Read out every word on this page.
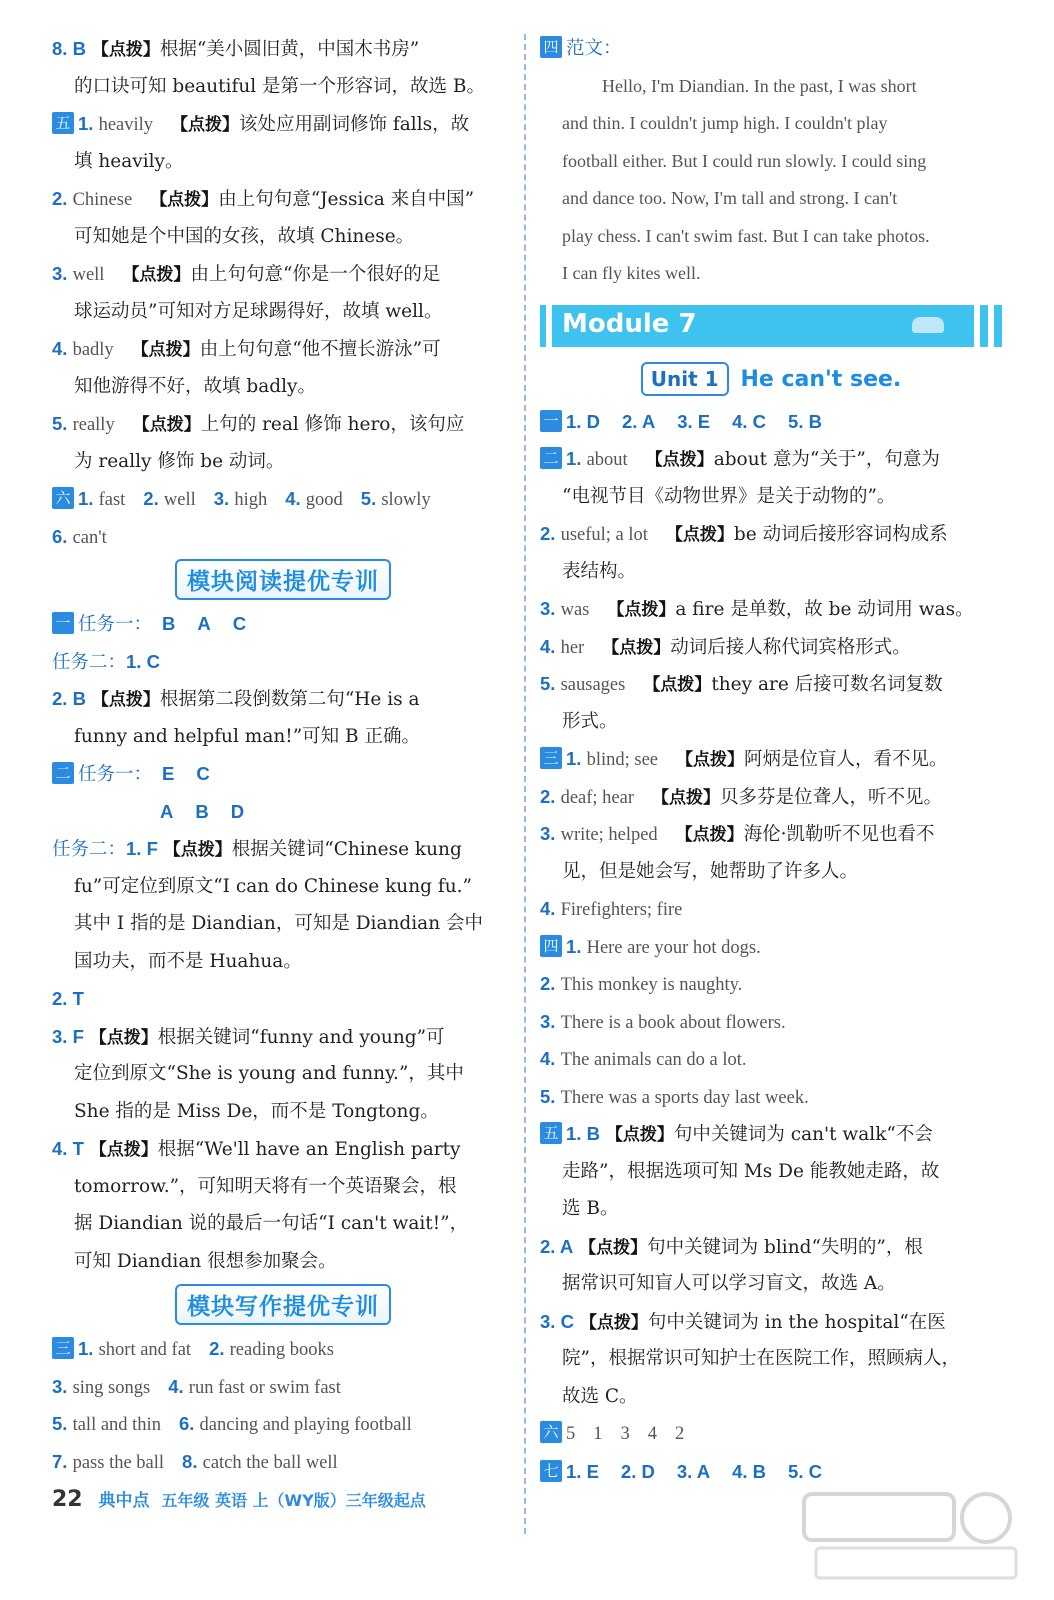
8. B 【点拨】根据“美小圆旧黄，中国木书房”
的口诀可知 beautiful 是第一个形容词，故选 B。
五 1. heavily 【点拨】该处应用副词修饰 falls，故
填 heavily。
2. Chinese 【点拨】由上句句意“Jessica 来自中国”
可知她是个中国的女孩，故填 Chinese。
3. well 【点拨】由上句句意“你是一个很好的足
球运动员”可知对方足球踢得好，故填 well。
4. badly 【点拨】由上句句意“他不擅长游泳”可
知他游得不好，故填 badly。
5. really 【点拨】上句的 real 修饰 hero，该句应
为 really 修饰 be 动词。
六 1. fast 2. well 3. high 4. good 5. slowly
6. can't
模块阅读提优专训
一 任务一： B A C
任务二：1. C
2. B 【点拨】根据第二段倒数第二句“He is a
funny and helpful man!”可知 B 正确。
二 任务一： E C
A B D
任务二：1. F 【点拨】根据关键词“Chinese kung
fu”可定位到原文“I can do Chinese kung fu.”
其中 I 指的是 Diandian，可知是 Diandian 会中
国功夫，而不是 Huahua。
2. T
3. F 【点拨】根据关键词“funny and young”可
定位到原文“She is young and funny.”，其中
She 指的是 Miss De，而不是 Tongtong。
4. T 【点拨】根据“We'll have an English party
tomorrow.”，可知明天将有一个英语聚会，根
据 Diandian 说的最后一句话“I can't wait!”，
可知 Diandian 很想参加聚会。
模块写作提优专训
三 1. short and fat 2. reading books
3. sing songs 4. run fast or swim fast
5. tall and thin 6. dancing and playing football
7. pass the ball 8. catch the ball well
四 范文：
Hello, I'm Diandian. In the past, I was short
and thin. I couldn't jump high. I couldn't play
football either. But I could run slowly. I could sing
and dance too. Now, I'm tall and strong. I can't
play chess. I can't swim fast. But I can take photos.
I can fly kites well.
Module 7
Unit 1 He can't see.
一 1. D 2. A 3. E 4. C 5. B
二 1. about 【点拨】about 意为“关于”，句意为
“电视节目《动物世界》是关于动物的”。
2. useful; a lot 【点拨】be 动词后接形容词构成系
表结构。
3. was 【点拨】a fire 是单数，故 be 动词用 was。
4. her 【点拨】动词后接人称代词宾格形式。
5. sausages 【点拨】they are 后接可数名词复数
形式。
三 1. blind; see 【点拨】阿炳是位盲人，看不见。
2. deaf; hear 【点拨】贝多芬是位聋人，听不见。
3. write; helped 【点拨】海伦·凯勒听不见也看不
见，但是她会写，她帮助了许多人。
4. Firefighters; fire
四 1. Here are your hot dogs.
2. This monkey is naughty.
3. There is a book about flowers.
4. The animals can do a lot.
5. There was a sports day last week.
五 1. B 【点拨】句中关键词为 can't walk“不会
走路”，根据选项可知 Ms De 能教她走路，故
选 B。
2. A 【点拨】句中关键词为 blind“失明的”，根
据常识可知盲人可以学习盲文，故选 A。
3. C 【点拨】句中关键词为 in the hospital“在医
院”，根据常识可知护士在医院工作，照顾病人，
故选 C。
六 5 1 3 4 2
七 1. E 2. D 3. A 4. B 5. C
22 典中点 五年级 英语 上（WY版）三年级起点
